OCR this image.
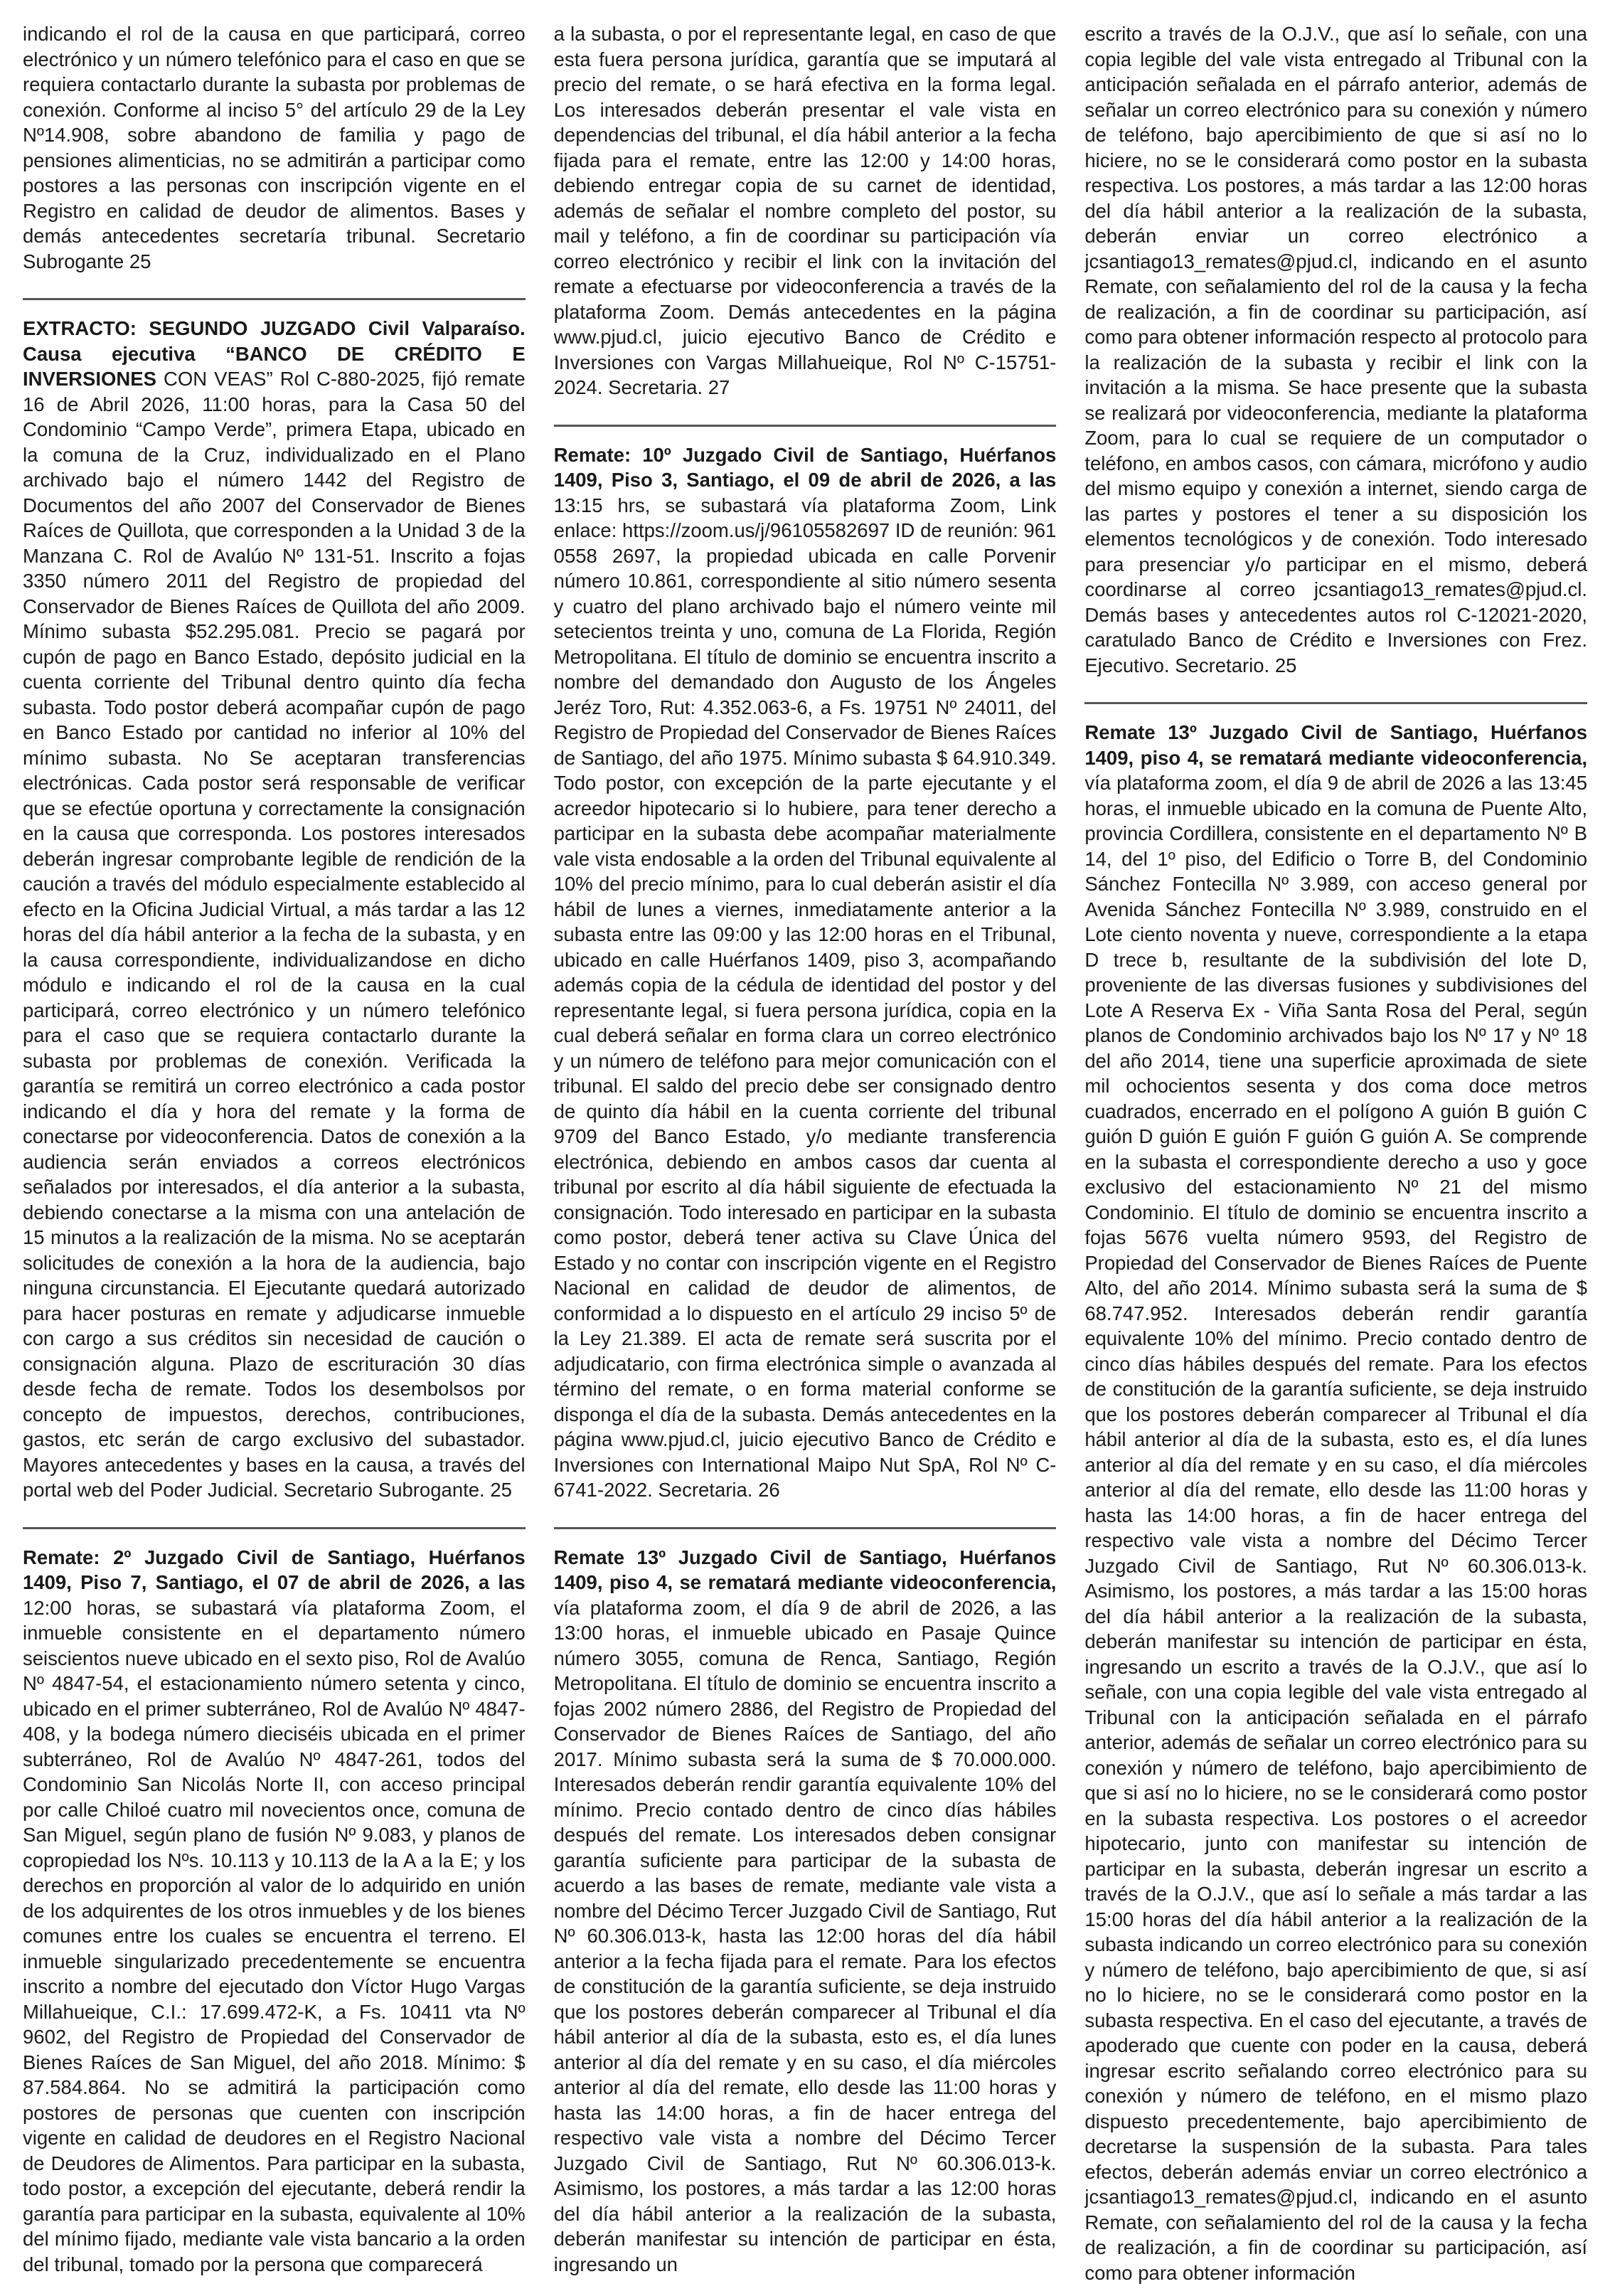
indicando el rol de la causa en que participará, correo electrónico y un número telefónico para el caso en que se requiera contactarlo durante la subasta por problemas de conexión. Conforme al inciso 5° del artículo 29 de la Ley Nº14.908, sobre abandono de familia y pago de pensiones alimenticias, no se admitirán a participar como postores a las personas con inscripción vigente en el Registro en calidad de deudor de alimentos. Bases y demás antecedentes secretaría tribunal. Secretario Subrogante 25

EXTRACTO: SEGUNDO JUZGADO Civil Valparaíso. Causa ejecutiva “BANCO DE CRÉDITO E INVERSIONES CON VEAS” Rol C-880-2025, fijó remate 16 de Abril 2026, 11:00 horas, para la Casa 50 del Condominio “Campo Verde”, primera Etapa, ubicado en la comuna de la Cruz, individualizado en el Plano archivado bajo el número 1442 del Registro de Documentos del año 2007 del Conservador de Bienes Raíces de Quillota, que corresponden a la Unidad 3 de la Manzana C. Rol de Avalúo Nº 131-51. Inscrito a fojas 3350 número 2011 del Registro de propiedad del Conservador de Bienes Raíces de Quillota del año 2009. Mínimo subasta $52.295.081. Precio se pagará por cupón de pago en Banco Estado, depósito judicial en la cuenta corriente del Tribunal dentro quinto día fecha subasta. Todo postor deberá acompañar cupón de pago en Banco Estado por cantidad no inferior al 10% del mínimo subasta. No Se aceptaran transferencias electrónicas. Cada postor será responsable de verificar que se efectúe oportuna y correctamente la consignación en la causa que corresponda. Los postores interesados deberán ingresar comprobante legible de rendición de la caución a través del módulo especialmente establecido al efecto en la Oficina Judicial Virtual, a más tardar a las 12 horas del día hábil anterior a la fecha de la subasta, y en la causa correspondiente, individualizandose en dicho módulo e indicando el rol de la causa en la cual participará, correo electrónico y un número telefónico para el caso que se requiera contactarlo durante la subasta por problemas de conexión. Verificada la garantía se remitirá un correo electrónico a cada postor indicando el día y hora del remate y la forma de conectarse por videoconferencia. Datos de conexión a la audiencia serán enviados a correos electrónicos señalados por interesados, el día anterior a la subasta, debiendo conectarse a la misma con una antelación de 15 minutos a la realización de la misma. No se aceptarán solicitudes de conexión a la hora de la audiencia, bajo ninguna circunstancia. El Ejecutante quedará autorizado para hacer posturas en remate y adjudicarse inmueble con cargo a sus créditos sin necesidad de caución o consignación alguna. Plazo de escrituración 30 días desde fecha de remate. Todos los desembolsos por concepto de impuestos, derechos, contribuciones, gastos, etc serán de cargo exclusivo del subastador. Mayores antecedentes y bases en la causa, a través del portal web del Poder Judicial. Secretario Subrogante. 25

Remate: 2º Juzgado Civil de Santiago, Huérfanos 1409, Piso 7, Santiago, el 07 de abril de 2026, a las 12:00 horas, se subastará vía plataforma Zoom, el inmueble consistente en el departamento número seiscientos nueve ubicado en el sexto piso, Rol de Avalúo Nº 4847-54, el estacionamiento número setenta y cinco, ubicado en el primer subterráneo, Rol de Avalúo Nº 4847-408, y la bodega número dieciséis ubicada en el primer subterráneo, Rol de Avalúo Nº 4847-261, todos del Condominio San Nicolás Norte II, con acceso principal por calle Chiloé cuatro mil novecientos once, comuna de San Miguel, según plano de fusión Nº 9.083, y planos de copropiedad los Nºs. 10.113 y 10.113 de la A a la E; y los derechos en proporción al valor de lo adquirido en unión de los adquirentes de los otros inmuebles y de los bienes comunes entre los cuales se encuentra el terreno. El inmueble singularizado precedentemente se encuentra inscrito a nombre del ejecutado don Víctor Hugo Vargas Millahueique, C.I.: 17.699.472-K, a Fs. 10411 vta Nº 9602, del Registro de Propiedad del Conservador de Bienes Raíces de San Miguel, del año 2018. Mínimo: $ 87.584.864. No se admitirá la participación como postores de personas que cuenten con inscripción vigente en calidad de deudores en el Registro Nacional de Deudores de Alimentos. Para participar en la subasta, todo postor, a excepción del ejecutante, deberá rendir la garantía para participar en la subasta, equivalente al 10% del mínimo fijado, mediante vale vista bancario a la orden del tribunal, tomado por la persona que comparecerá

a la subasta, o por el representante legal, en caso de que esta fuera persona jurídica, garantía que se imputará al precio del remate, o se hará efectiva en la forma legal. Los interesados deberán presentar el vale vista en dependencias del tribunal, el día hábil anterior a la fecha fijada para el remate, entre las 12:00 y 14:00 horas, debiendo entregar copia de su carnet de identidad, además de señalar el nombre completo del postor, su mail y teléfono, a fin de coordinar su participación vía correo electrónico y recibir el link con la invitación del remate a efectuarse por videoconferencia a través de la plataforma Zoom. Demás antecedentes en la página www.pjud.cl, juicio ejecutivo Banco de Crédito e Inversiones con Vargas Millahueique, Rol Nº C-15751-2024. Secretaria. 27

Remate: 10º Juzgado Civil de Santiago, Huérfanos 1409, Piso 3, Santiago, el 09 de abril de 2026, a las 13:15 hrs, se subastará vía plataforma Zoom, Link enlace: https://zoom.us/j/96105582697 ID de reunión: 961 0558 2697, la propiedad ubicada en calle Porvenir número 10.861, correspondiente al sitio número sesenta y cuatro del plano archivado bajo el número veinte mil setecientos treinta y uno, comuna de La Florida, Región Metropolitana. El título de dominio se encuentra inscrito a nombre del demandado don Augusto de los Ángeles Jeréz Toro, Rut: 4.352.063-6, a Fs. 19751 Nº 24011, del Registro de Propiedad del Conservador de Bienes Raíces de Santiago, del año 1975. Mínimo subasta $ 64.910.349. Todo postor, con excepción de la parte ejecutante y el acreedor hipotecario si lo hubiere, para tener derecho a participar en la subasta debe acompañar materialmente vale vista endosable a la orden del Tribunal equivalente al 10% del precio mínimo, para lo cual deberán asistir el día hábil de lunes a viernes, inmediatamente anterior a la subasta entre las 09:00 y las 12:00 horas en el Tribunal, ubicado en calle Huérfanos 1409, piso 3, acompañando además copia de la cédula de identidad del postor y del representante legal, si fuera persona jurídica, copia en la cual deberá señalar en forma clara un correo electrónico y un número de teléfono para mejor comunicación con el tribunal. El saldo del precio debe ser consignado dentro de quinto día hábil en la cuenta corriente del tribunal 9709 del Banco Estado, y/o mediante transferencia electrónica, debiendo en ambos casos dar cuenta al tribunal por escrito al día hábil siguiente de efectuada la consignación. Todo interesado en participar en la subasta como postor, deberá tener activa su Clave Única del Estado y no contar con inscripción vigente en el Registro Nacional en calidad de deudor de alimentos, de conformidad a lo dispuesto en el artículo 29 inciso 5º de la Ley 21.389. El acta de remate será suscrita por el adjudicatario, con firma electrónica simple o avanzada al término del remate, o en forma material conforme se disponga el día de la subasta. Demás antecedentes en la página www.pjud.cl, juicio ejecutivo Banco de Crédito e Inversiones con International Maipo Nut SpA, Rol Nº C-6741-2022. Secretaria. 26

Remate 13º Juzgado Civil de Santiago, Huérfanos 1409, piso 4, se rematará mediante videoconferencia, vía plataforma zoom, el día 9 de abril de 2026, a las 13:00 horas, el inmueble ubicado en Pasaje Quince número 3055, comuna de Renca, Santiago, Región Metropolitana. El título de dominio se encuentra inscrito a fojas 2002 número 2886, del Registro de Propiedad del Conservador de Bienes Raíces de Santiago, del año 2017. Mínimo subasta será la suma de $ 70.000.000. Interesados deberán rendir garantía equivalente 10% del mínimo. Precio contado dentro de cinco días hábiles después del remate. Los interesados deben consignar garantía suficiente para participar de la subasta de acuerdo a las bases de remate, mediante vale vista a nombre del Décimo Tercer Juzgado Civil de Santiago, Rut Nº 60.306.013-k, hasta las 12:00 horas del día hábil anterior a la fecha fijada para el remate. Para los efectos de constitución de la garantía suficiente, se deja instruido que los postores deberán comparecer al Tribunal el día hábil anterior al día de la subasta, esto es, el día lunes anterior al día del remate y en su caso, el día miércoles anterior al día del remate, ello desde las 11:00 horas y hasta las 14:00 horas, a fin de hacer entrega del respectivo vale vista a nombre del Décimo Tercer Juzgado Civil de Santiago, Rut Nº 60.306.013-k. Asimismo, los postores, a más tardar a las 12:00 horas del día hábil anterior a la realización de la subasta, deberán manifestar su intención de participar en ésta, ingresando un

escrito a través de la O.J.V., que así lo señale, con una copia legible del vale vista entregado al Tribunal con la anticipación señalada en el párrafo anterior, además de señalar un correo electrónico para su conexión y número de teléfono, bajo apercibimiento de que si así no lo hiciere, no se le considerará como postor en la subasta respectiva. Los postores, a más tardar a las 12:00 horas del día hábil anterior a la realización de la subasta, deberán enviar un correo electrónico a jcsantiago13_remates@pjud.cl, indicando en el asunto Remate, con señalamiento del rol de la causa y la fecha de realización, a fin de coordinar su participación, así como para obtener información respecto al protocolo para la realización de la subasta y recibir el link con la invitación a la misma. Se hace presente que la subasta se realizará por videoconferencia, mediante la plataforma Zoom, para lo cual se requiere de un computador o teléfono, en ambos casos, con cámara, micrófono y audio del mismo equipo y conexión a internet, siendo carga de las partes y postores el tener a su disposición los elementos tecnológicos y de conexión. Todo interesado para presenciar y/o participar en el mismo, deberá coordinarse al correo jcsantiago13_remates@pjud.cl. Demás bases y antecedentes autos rol C-12021-2020, caratulado Banco de Crédito e Inversiones con Frez. Ejecutivo. Secretario. 25

Remate 13º Juzgado Civil de Santiago, Huérfanos 1409, piso 4, se rematará mediante videoconferencia, vía plataforma zoom, el día 9 de abril de 2026 a las 13:45 horas, el inmueble ubicado en la comuna de Puente Alto, provincia Cordillera, consistente en el departamento Nº B 14, del 1º piso, del Edificio o Torre B, del Condominio Sánchez Fontecilla Nº 3.989, con acceso general por Avenida Sánchez Fontecilla Nº 3.989, construido en el Lote ciento noventa y nueve, correspondiente a la etapa D trece b, resultante de la subdivisión del lote D, proveniente de las diversas fusiones y subdivisiones del Lote A Reserva Ex - Viña Santa Rosa del Peral, según planos de Condominio archivados bajo los Nº 17 y Nº 18 del año 2014, tiene una superficie aproximada de siete mil ochocientos sesenta y dos coma doce metros cuadrados, encerrado en el polígono A guión B guión C guión D guión E guión F guión G guión A. Se comprende en la subasta el correspondiente derecho a uso y goce exclusivo del estacionamiento Nº 21 del mismo Condominio. El título de dominio se encuentra inscrito a fojas 5676 vuelta número 9593, del Registro de Propiedad del Conservador de Bienes Raíces de Puente Alto, del año 2014. Mínimo subasta será la suma de $ 68.747.952. Interesados deberán rendir garantía equivalente 10% del mínimo. Precio contado dentro de cinco días hábiles después del remate. Para los efectos de constitución de la garantía suficiente, se deja instruido que los postores deberán comparecer al Tribunal el día hábil anterior al día de la subasta, esto es, el día lunes anterior al día del remate y en su caso, el día miércoles anterior al día del remate, ello desde las 11:00 horas y hasta las 14:00 horas, a fin de hacer entrega del respectivo vale vista a nombre del Décimo Tercer Juzgado Civil de Santiago, Rut Nº 60.306.013-k. Asimismo, los postores, a más tardar a las 15:00 horas del día hábil anterior a la realización de la subasta, deberán manifestar su intención de participar en ésta, ingresando un escrito a través de la O.J.V., que así lo señale, con una copia legible del vale vista entregado al Tribunal con la anticipación señalada en el párrafo anterior, además de señalar un correo electrónico para su conexión y número de teléfono, bajo apercibimiento de que si así no lo hiciere, no se le considerará como postor en la subasta respectiva. Los postores o el acreedor hipotecario, junto con manifestar su intención de participar en la subasta, deberán ingresar un escrito a través de la O.J.V., que así lo señale a más tardar a las 15:00 horas del día hábil anterior a la realización de la subasta indicando un correo electrónico para su conexión y número de teléfono, bajo apercibimiento de que, si así no lo hiciere, no se le considerará como postor en la subasta respectiva. En el caso del ejecutante, a través de apoderado que cuente con poder en la causa, deberá ingresar escrito señalando correo electrónico para su conexión y número de teléfono, en el mismo plazo dispuesto precedentemente, bajo apercibimiento de decretarse la suspensión de la subasta. Para tales efectos, deberán además enviar un correo electrónico a jcsantiago13_remates@pjud.cl, indicando en el asunto Remate, con señalamiento del rol de la causa y la fecha de realización, a fin de coordinar su participación, así como para obtener información
